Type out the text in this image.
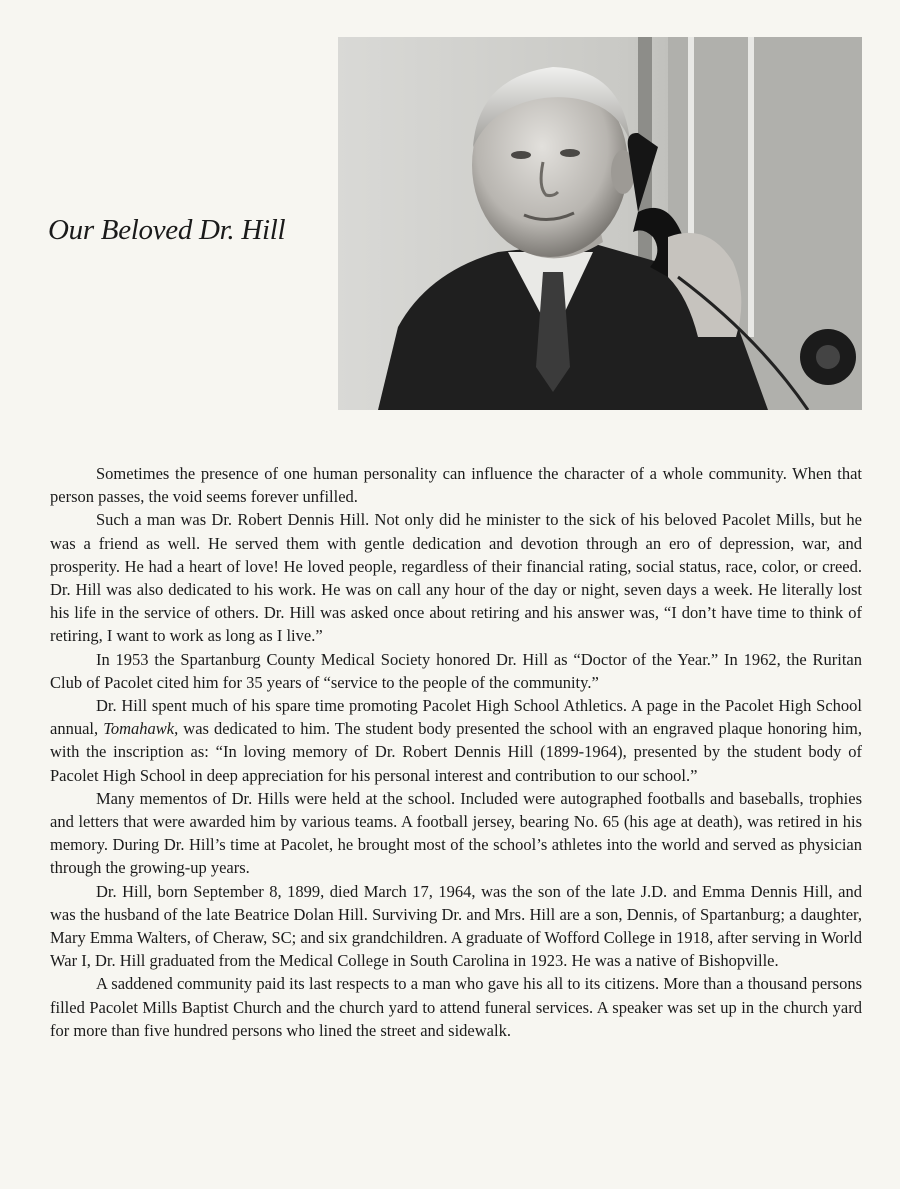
Our Beloved Dr. Hill

Sometimes the presence of one human personality can influence the character of a whole community. When that person passes, the void seems forever unfilled.

Such a man was Dr. Robert Dennis Hill. Not only did he minister to the sick of his beloved Pacolet Mills, but he was a friend as well. He served them with gentle dedication and devotion through an ero of depression, war, and prosperity. He had a heart of love! He loved people, regardless of their financial rating, social status, race, color, or creed. Dr. Hill was also dedicated to his work. He was on call any hour of the day or night, seven days a week. He literally lost his life in the service of others. Dr. Hill was asked once about retiring and his answer was, “I don’t have time to think of retiring, I want to work as long as I live.”

In 1953 the Spartanburg County Medical Society honored Dr. Hill as “Doctor of the Year.” In 1962, the Ruritan Club of Pacolet cited him for 35 years of “service to the people of the community.”

Dr. Hill spent much of his spare time promoting Pacolet High School Athletics. A page in the Pacolet High School annual, Tomahawk, was dedicated to him. The student body presented the school with an engraved plaque honoring him, with the inscription as: “In loving memory of Dr. Robert Dennis Hill (1899-1964), presented by the student body of Pacolet High School in deep appreciation for his personal interest and contribution to our school.”

Many mementos of Dr. Hills were held at the school. Included were autographed footballs and baseballs, trophies and letters that were awarded him by various teams. A football jersey, bearing No. 65 (his age at death), was retired in his memory. During Dr. Hill’s time at Pacolet, he brought most of the school’s athletes into the world and served as physician through the growing-up years.

Dr. Hill, born September 8, 1899, died March 17, 1964, was the son of the late J.D. and Emma Dennis Hill, and was the husband of the late Beatrice Dolan Hill. Surviving Dr. and Mrs. Hill are a son, Dennis, of Spartanburg; a daughter, Mary Emma Walters, of Cheraw, SC; and six grandchildren. A graduate of Wofford College in 1918, after serving in World War I, Dr. Hill graduated from the Medical College in South Carolina in 1923. He was a native of Bishopville.

A saddened community paid its last respects to a man who gave his all to its citizens. More than a thousand persons filled Pacolet Mills Baptist Church and the church yard to attend funeral services. A speaker was set up in the church yard for more than five hundred persons who lined the street and sidewalk.
